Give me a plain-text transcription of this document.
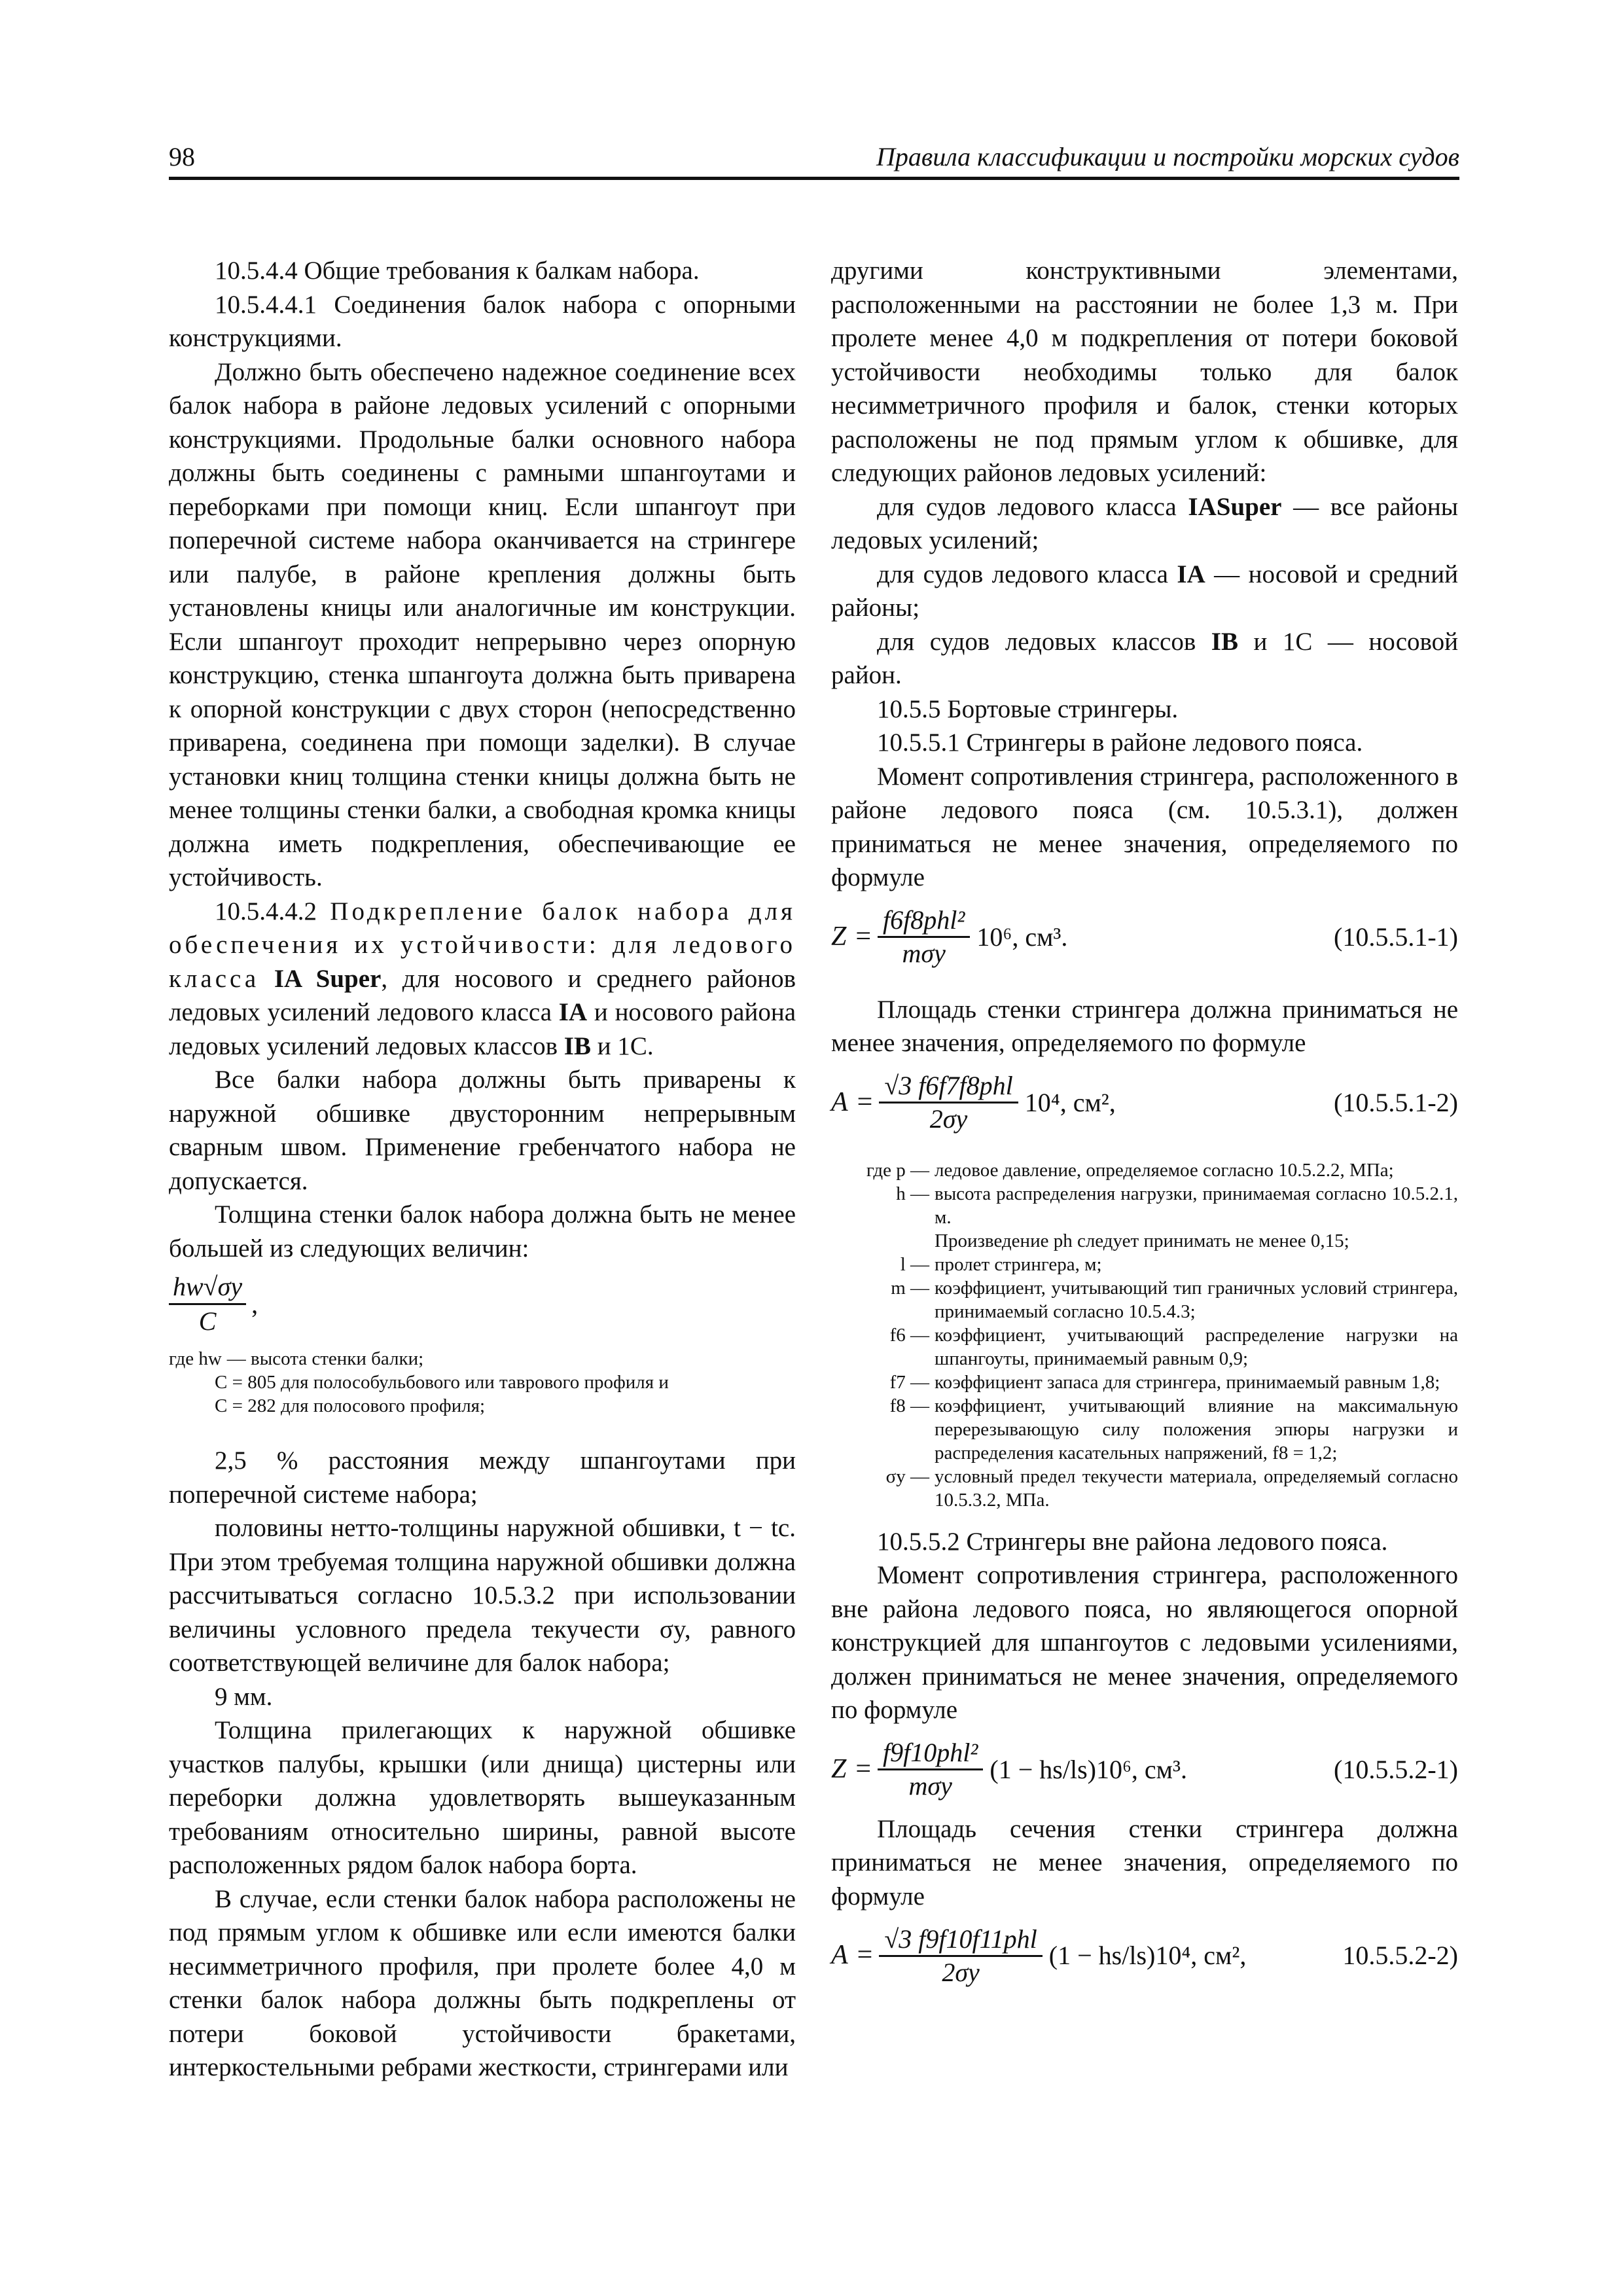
98	Правила классификации и постройки морских судов

10.5.4.4 Общие требования к балкам набора.

10.5.4.4.1 Соединения балок набора с опорными конструкциями.

Должно быть обеспечено надежное соединение всех балок набора в районе ледовых усилений с опорными конструкциями. Продольные балки основного набора должны быть соединены с рамными шпангоутами и переборками при помощи книц. Если шпангоут при поперечной системе набора оканчивается на стрингере или палубе, в районе крепления должны быть установлены кницы или аналогичные им конструкции. Если шпангоут проходит непрерывно через опорную конструкцию, стенка шпангоута должна быть приварена к опорной конструкции с двух сторон (непосредственно приварена, соединена при помощи заделки). В случае установки книц толщина стенки кницы должна быть не менее толщины стенки балки, а свободная кромка кницы должна иметь подкрепления, обеспечивающие ее устойчивость.

10.5.4.4.2 Подкрепление балок набора для обеспечения их устойчивости: для ледового класса IA Super, для носового и среднего районов ледовых усилений ледового класса IA и носового района ледовых усилений ледовых классов IB и 1С.

Все балки набора должны быть приварены к наружной обшивке двусторонним непрерывным сварным швом. Применение гребенчатого набора не допускается.

Толщина стенки балок набора должна быть не менее большей из следующих величин:

$\frac{hw√\sigma y}{C}$ ,
где hw — высота стенки балки;
C = 805 для полособульбового или таврового профиля и
C = 282 для полосового профиля;

2,5 % расстояния между шпангоутами при поперечной системе набора;

половины нетто-толщины наружной обшивки, t − tc. При этом требуемая толщина наружной обшивки должна рассчитываться согласно 10.5.3.2 при использовании величины условного предела текучести σy, равного соответствующей величине для балок набора;

9 мм.

Толщина прилегающих к наружной обшивке участков палубы, крышки (или днища) цистерны или переборки должна удовлетворять вышеуказанным требованиям относительно ширины, равной высоте расположенных рядом балок набора борта.

В случае, если стенки балок набора расположены не под прямым углом к обшивке или если имеются балки несимметричного профиля, при пролете более 4,0 м стенки балок набора должны быть подкреплены от потери боковой устойчивости бракетами, интеркостельными ребрами жесткости, стрингерами или

другими конструктивными элементами, расположенными на расстоянии не более 1,3 м. При пролете менее 4,0 м подкрепления от потери боковой устойчивости необходимы только для балок несимметричного профиля и балок, стенки которых расположены не под прямым углом к обшивке, для следующих районов ледовых усилений:

для судов ледового класса IASuper — все районы ледовых усилений;

для судов ледового класса IA — носовой и средний районы;

для судов ледовых классов IB и 1С — носовой район.

10.5.5 Бортовые стрингеры.

10.5.5.1 Стрингеры в районе ледового пояса.

Момент сопротивления стрингера, расположенного в районе ледового пояса (см. 10.5.3.1), должен приниматься не менее значения, определяемого по формуле

$Z = \frac{\text{f6f8phl²}}{\text{mσy}} 10^6$, см³.	(10.5.5.1-1)

Площадь стенки стрингера должна приниматься не менее значения, определяемого по формуле

$A = \frac{\text{√3 f6f7f8phl}}{2\sigma y} 10^4$, см²,	(10.5.5.1-2)
где p — ледовое давление, определяемое согласно 10.5.2.2, МПа;
h — высота распределения нагрузки, принимаемая согласно 10.5.2.1, м.
Произведение ph следует принимать не менее 0,15;
l — пролет стрингера, м;
m — коэффициент, учитывающий тип граничных условий стрингера, принимаемый согласно 10.5.4.3;
f6 — коэффициент, учитывающий распределение нагрузки на шпангоуты, принимаемый равным 0,9;
f7 — коэффициент запаса для стрингера, принимаемый равным 1,8;
f8 — коэффициент, учитывающий влияние на максимальную перерезывающую силу положения эпюры нагрузки и распределения касательных напряжений, f8 = 1,2;
σy — условный предел текучести материала, определяемый согласно 10.5.3.2, МПа.

10.5.5.2 Стрингеры вне района ледового пояса.

Момент сопротивления стрингера, расположенного вне района ледового пояса, но являющегося опорной конструкцией для шпангоутов с ледовыми усилениями, должен приниматься не менее значения, определяемого по формуле

$Z = \frac{\text{f9f10phl²}}{\text{mσy}} (1 - hs/ls)10^6$, см³.	(10.5.5.2-1)

Площадь сечения стенки стрингера должна приниматься не менее значения, определяемого по формуле

$A = \frac{\text{√3 f9f10f11phl}}{2\sigma y} (1 - hs/ls)10^4$, см²,	10.5.5.2-2)
